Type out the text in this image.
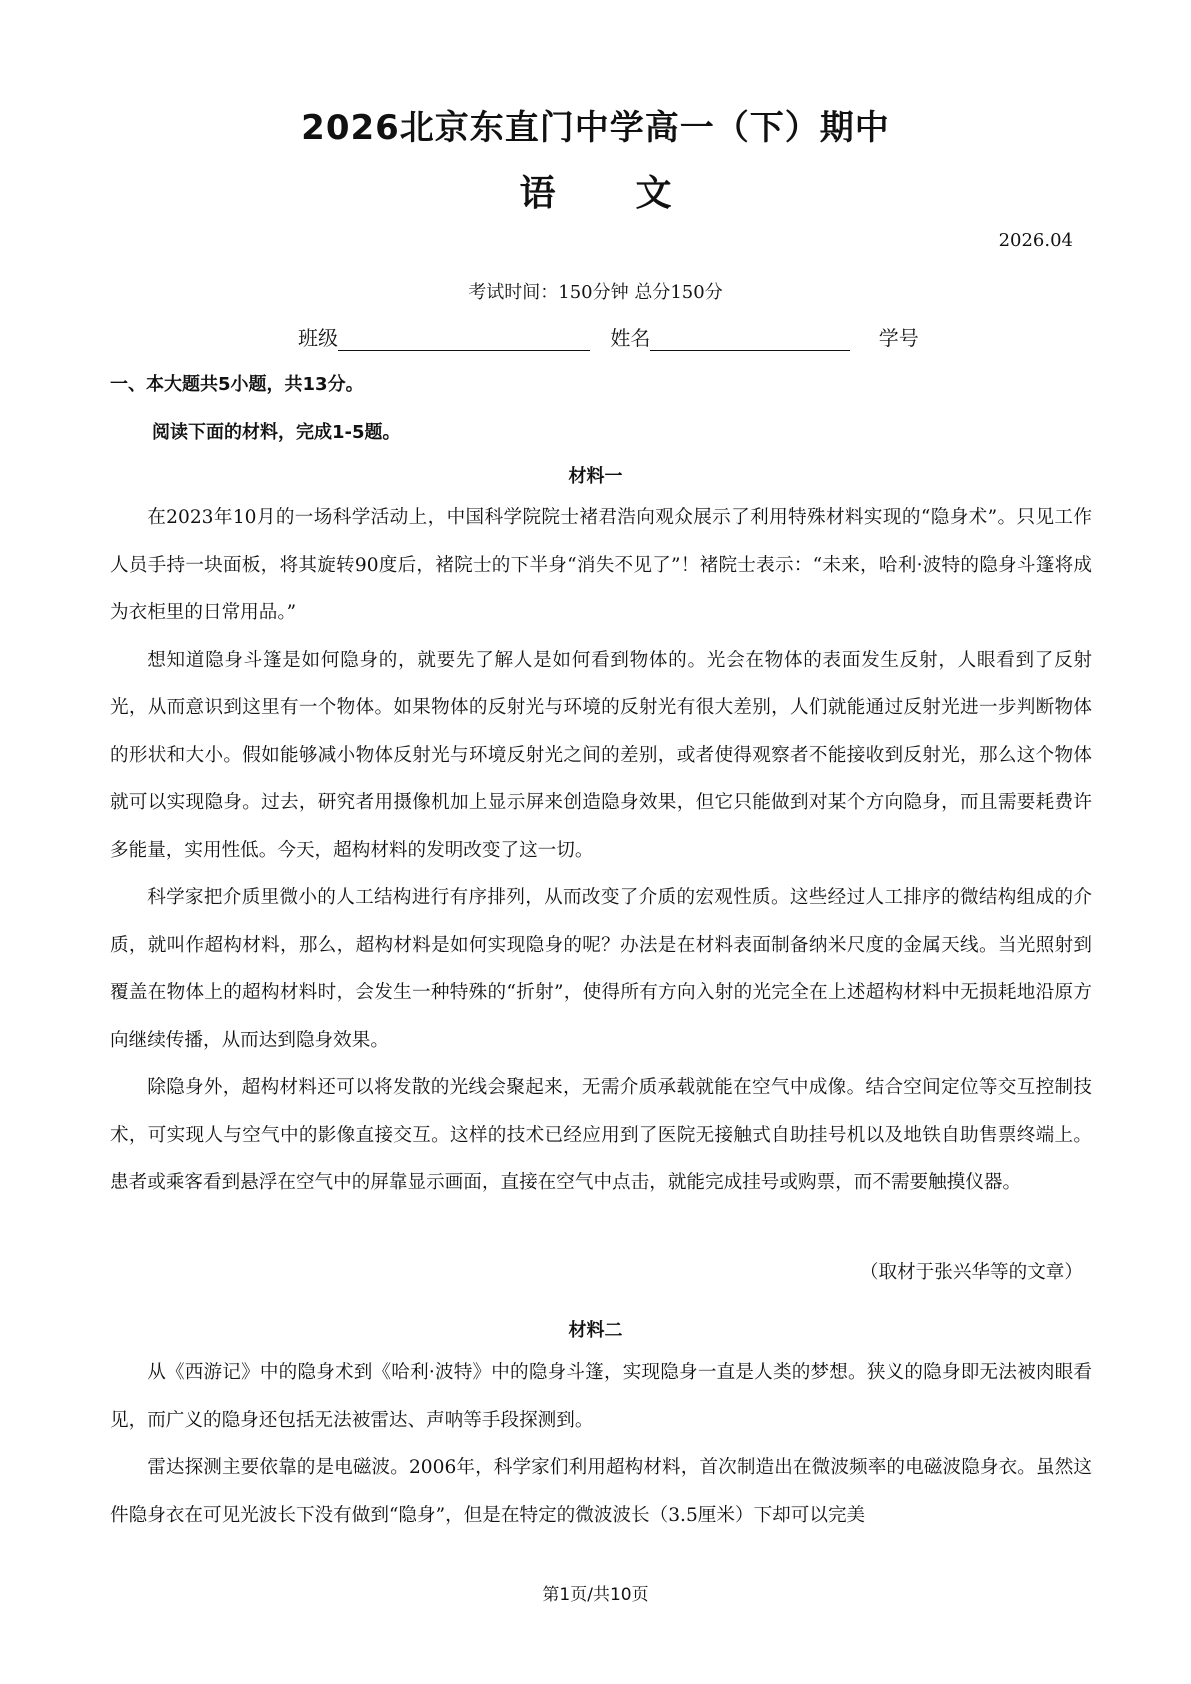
2026北京东直门中学高一（下）期中
语文
2026.04
考试时间：150分钟 总分150分
班级	姓名	学号
一、本大题共5小题，共13分。
阅读下面的材料，完成1-5题。
材料一

在2023年10月的一场科学活动上，中国科学院院士褚君浩向观众展示了利用特殊材料实现的“隐身术”。只见工作人员手持一块面板，将其旋转90度后，褚院士的下半身“消失不见了”！褚院士表示：“未来，哈利·波特的隐身斗篷将成为衣柜里的日常用品。”

想知道隐身斗篷是如何隐身的，就要先了解人是如何看到物体的。光会在物体的表面发生反射，人眼看到了反射光，从而意识到这里有一个物体。如果物体的反射光与环境的反射光有很大差别，人们就能通过反射光进一步判断物体的形状和大小。假如能够减小物体反射光与环境反射光之间的差别，或者使得观察者不能接收到反射光，那么这个物体就可以实现隐身。过去，研究者用摄像机加上显示屏来创造隐身效果，但它只能做到对某个方向隐身，而且需要耗费许多能量，实用性低。今天，超构材料的发明改变了这一切。

科学家把介质里微小的人工结构进行有序排列，从而改变了介质的宏观性质。这些经过人工排序的微结构组成的介质，就叫作超构材料，那么，超构材料是如何实现隐身的呢？办法是在材料表面制备纳米尺度的金属天线。当光照射到覆盖在物体上的超构材料时，会发生一种特殊的“折射”，使得所有方向入射的光完全在上述超构材料中无损耗地沿原方向继续传播，从而达到隐身效果。

除隐身外，超构材料还可以将发散的光线会聚起来，无需介质承载就能在空气中成像。结合空间定位等交互控制技术，可实现人与空气中的影像直接交互。这样的技术已经应用到了医院无接触式自助挂号机以及地铁自助售票终端上。患者或乘客看到悬浮在空气中的屏靠显示画面，直接在空气中点击，就能完成挂号或购票，而不需要触摸仪器。

（取材于张兴华等的文章）
材料二

从《西游记》中的隐身术到《哈利·波特》中的隐身斗篷，实现隐身一直是人类的梦想。狭义的隐身即无法被肉眼看见，而广义的隐身还包括无法被雷达、声呐等手段探测到。

雷达探测主要依靠的是电磁波。2006年，科学家们利用超构材料，首次制造出在微波频率的电磁波隐身衣。虽然这件隐身衣在可见光波长下没有做到“隐身”，但是在特定的微波波长（3.5厘米）下却可以完美

第1页/共10页
